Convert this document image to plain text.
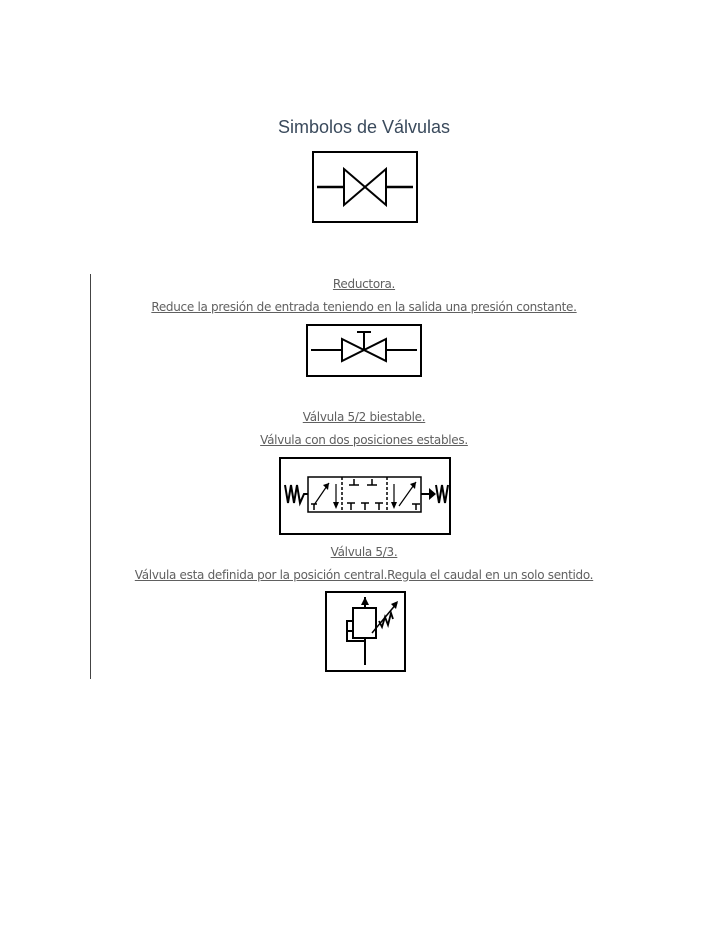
Simbolos de Válvulas
Reductora.
Reduce la presión de entrada teniendo en la salida una presión constante.
Válvula 5/2 biestable.
Válvula con dos posiciones estables.
Válvula 5/3.
Válvula esta definida por la posición central.Regula el caudal en un solo sentido.
